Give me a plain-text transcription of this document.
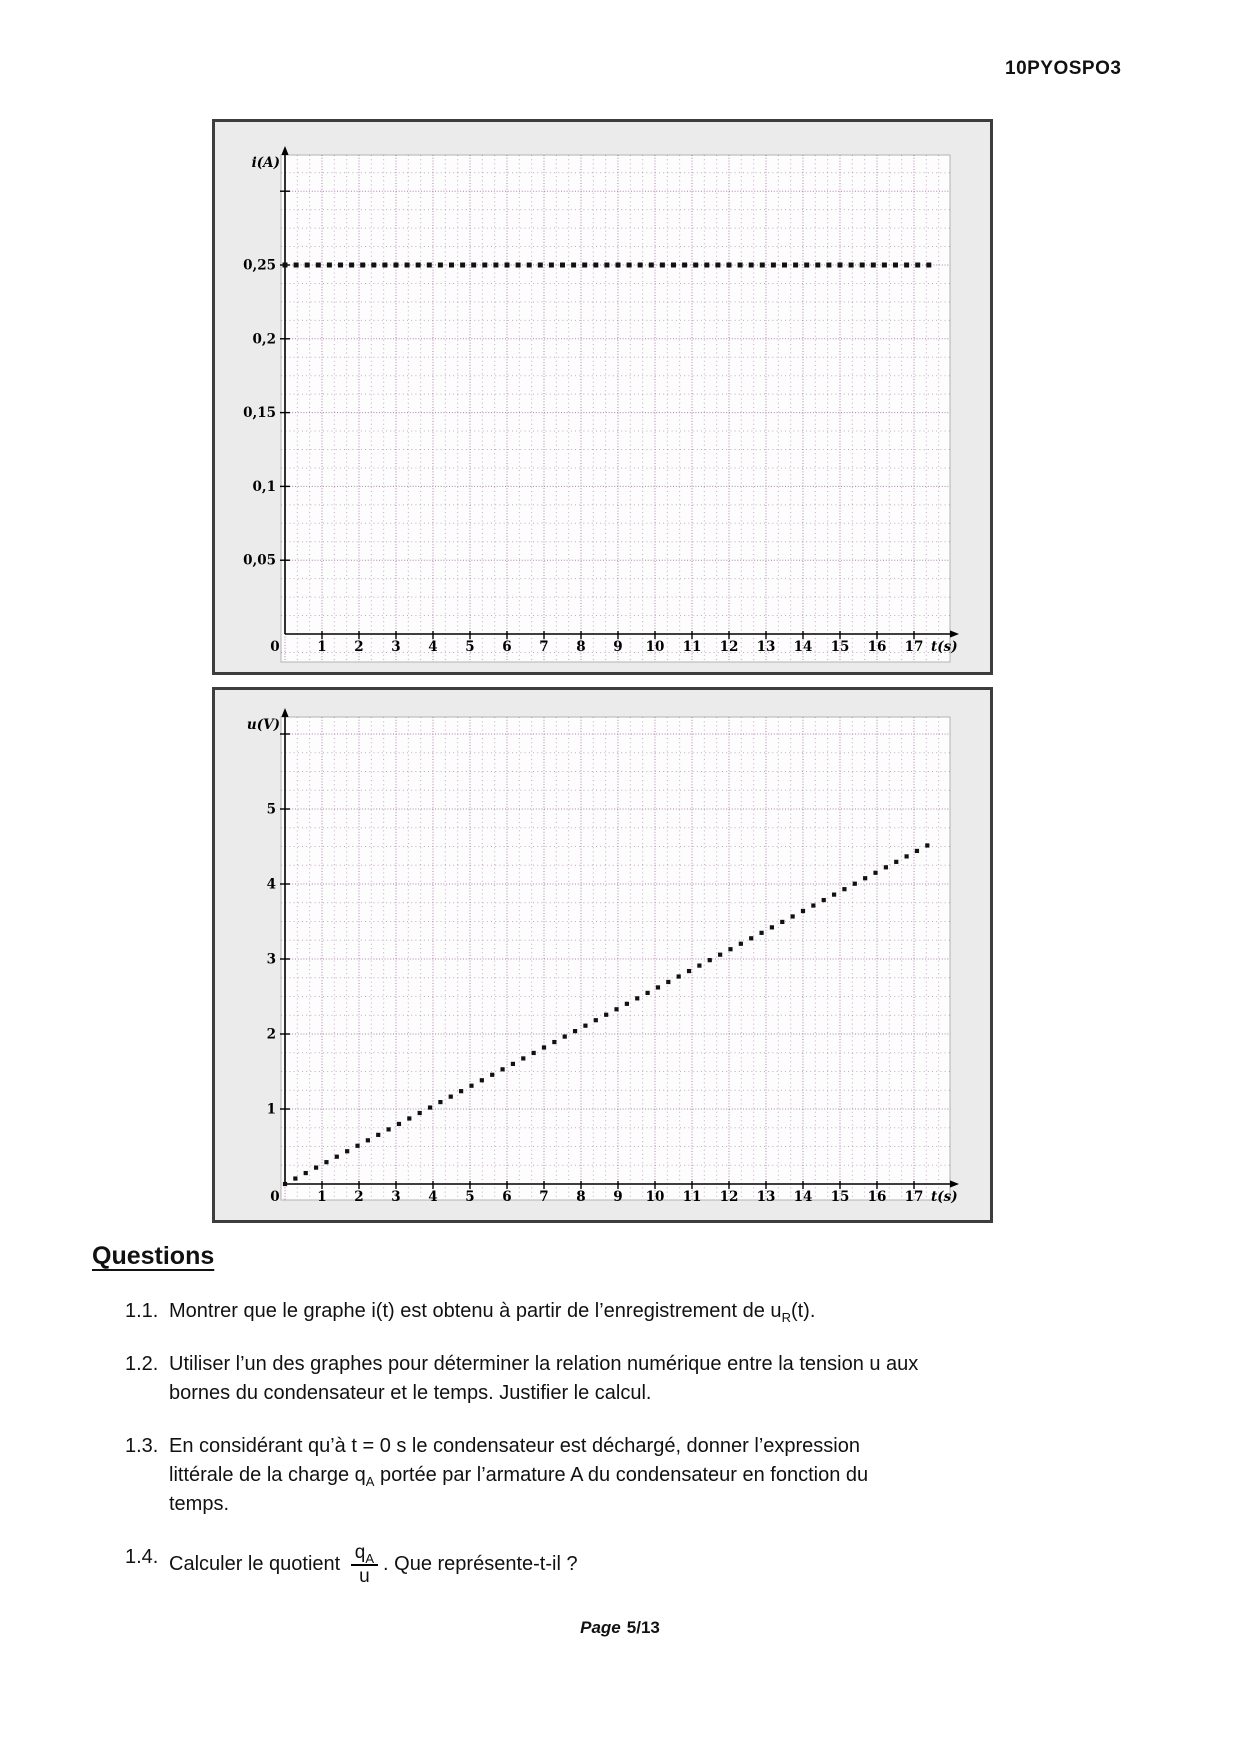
10PYOSPO3
0	1 2 3 4 5 6 7 8 9 10 11 12 13 14 15 16 17 t(s)
0,05
0,1
0,15
0,2
0,25
i(A)
0	1 2 3 4 5 6 7 8 9 10 11 12 13 14 15 16 17 t(s)
1
2
3
4
5
u(V)
Questions
1.1. Montrer que le graphe i(t) est obtenu à partir de l’enregistrement de $u_R(t)$.
1.2. Utiliser l’un des graphes pour déterminer la relation numérique entre la tension u aux
bornes du condensateur et le temps. Justifier le calcul.
1.3. En considérant qu’à t = 0 s le condensateur est déchargé, donner l’expression
littérale de la charge $q_A$ portée par l’armature A du condensateur en fonction du
temps.
1.4. Calculer le quotient $\frac{q_A}{u}$ . Que représente-t-il ?
Page 5/13
